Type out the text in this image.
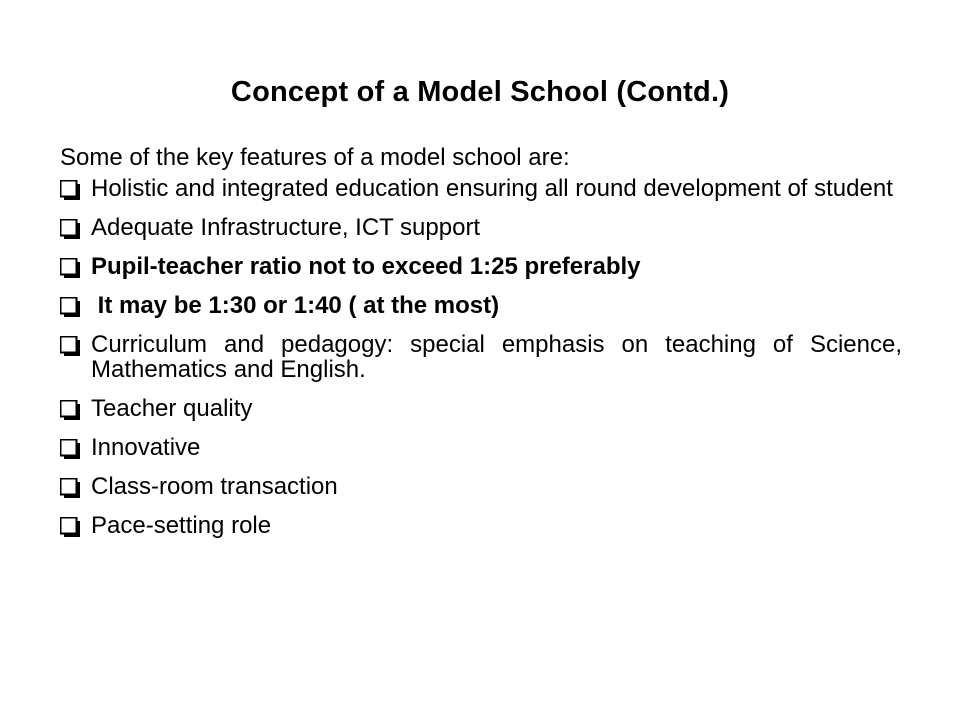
Concept of a Model School (Contd.)
Some of the key features of a model school are:
Holistic and integrated education ensuring all round development of student
Adequate Infrastructure, ICT support
Pupil-teacher ratio not to exceed 1:25 preferably
It may be 1:30 or 1:40 ( at the most)
Curriculum and pedagogy: special emphasis on teaching of Science, Mathematics and English.
Teacher quality
Innovative
Class-room transaction
Pace-setting role
